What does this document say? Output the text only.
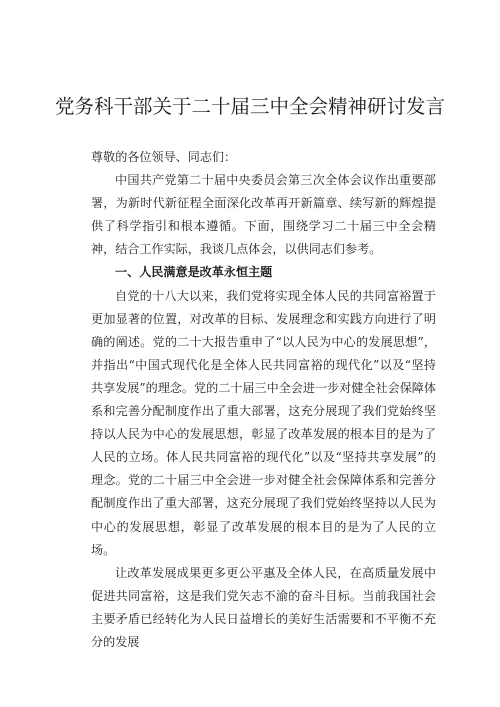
党务科干部关于二十届三中全会精神研讨发言

尊敬的各位领导、同志们：

中国共产党第二十届中央委员会第三次全体会议作出重要部署，为新时代新征程全面深化改革再开新篇章、续写新的辉煌提供了科学指引和根本遵循。下面，围绕学习二十届三中全会精神，结合工作实际，我谈几点体会，以供同志们参考。

一、人民满意是改革永恒主题

自党的十八大以来，我们党将实现全体人民的共同富裕置于更加显著的位置，对改革的目标、发展理念和实践方向进行了明确的阐述。党的二十大报告重申了“以人民为中心的发展思想”，并指出“中国式现代化是全体人民共同富裕的现代化”以及“坚持共享发展”的理念。党的二十届三中全会进一步对健全社会保障体系和完善分配制度作出了重大部署，这充分展现了我们党始终坚持以人民为中心的发展思想，彰显了改革发展的根本目的是为了人民的立场。体人民共同富裕的现代化”以及“坚持共享发展”的理念。党的二十届三中全会进一步对健全社会保障体系和完善分配制度作出了重大部署，这充分展现了我们党始终坚持以人民为中心的发展思想，彰显了改革发展的根本目的是为了人民的立场。

让改革发展成果更多更公平惠及全体人民，在高质量发展中促进共同富裕，这是我们党矢志不渝的奋斗目标。当前我国社会主要矛盾已经转化为人民日益增长的美好生活需要和不平衡不充分的发展
